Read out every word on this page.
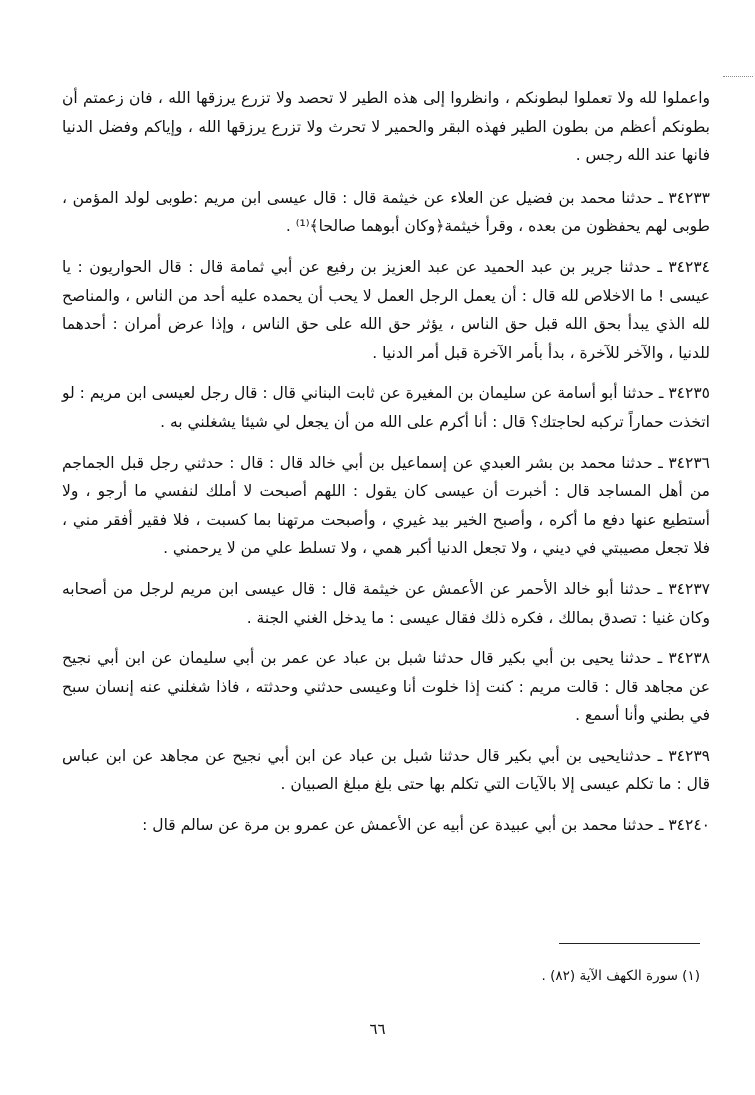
واعملوا لله ولا تعملوا لبطونكم ، وانظروا إلى هذه الطير لا تحصد ولا تزرع يرزقها الله ، فان زعمتم أن بطونكم أعظم من بطون الطير فهذه البقر والحمير لا تحرث ولا تزرع يرزقها الله ، وإياكم وفضل الدنيا فانها عند الله رجس .

٣٤٢٣٣ ـ حدثنا محمد بن فضيل عن العلاء عن خيثمة قال : قال عيسى ابن مريم :طوبى لولد المؤمن ، طوبى لهم يحفظون من بعده ، وقرأ خيثمة﴿وكان أبوهما صالحا﴾⁽¹⁾ .

٣٤٢٣٤ ـ حدثنا جرير بن عبد الحميد عن عبد العزيز بن رفيع عن أبي ثمامة قال : قال الحواريون : يا عيسى ! ما الاخلاص لله قال : أن يعمل الرجل العمل لا يحب أن يحمده عليه أحد من الناس ، والمناصح لله الذي يبدأ بحق الله قبل حق الناس ، يؤثر حق الله على حق الناس ، وإذا عرض أمران : أحدهما للدنيا ، والآخر للآخرة ، بدأ بأمر الآخرة قبل أمر الدنيا .

٣٤٢٣٥ ـ حدثنا أبو أسامة عن سليمان بن المغيرة عن ثابت البناني قال : قال رجل لعيسى ابن مريم : لو اتخذت حماراً تركبه لحاجتك؟ قال : أنا أكرم على الله من أن يجعل لي شيئا يشغلني به .

٣٤٢٣٦ ـ حدثنا محمد بن بشر العبدي عن إسماعيل بن أبي خالد قال : قال : حدثني رجل قبل الجماجم من أهل المساجد قال : أخبرت أن عيسى كان يقول : اللهم أصبحت لا أملك لنفسي ما أرجو ، ولا أستطيع عنها دفع ما أكره ، وأصبح الخير بيد غيري ، وأصبحت مرتهنا بما كسبت ، فلا فقير أفقر مني ، فلا تجعل مصيبتي في ديني ، ولا تجعل الدنيا أكبر همي ، ولا تسلط علي من لا يرحمني .

٣٤٢٣٧ ـ حدثنا أبو خالد الأحمر عن الأعمش عن خيثمة قال : قال عيسى ابن مريم لرجل من أصحابه وكان غنيا : تصدق بمالك ، فكره ذلك فقال عيسى : ما يدخل الغني الجنة .

٣٤٢٣٨ ـ حدثنا يحيى بن أبي بكير قال حدثنا شبل بن عباد عن عمر بن أبي سليمان عن ابن أبي نجيح عن مجاهد قال : قالت مريم : كنت إذا خلوت أنا وعيسى حدثني وحدثته ، فاذا شغلني عنه إنسان سبح في بطني وأنا أسمع .

٣٤٢٣٩ ـ حدثنايحيى بن أبي بكير قال حدثنا شبل بن عباد عن ابن أبي نجيح عن مجاهد عن ابن عباس قال : ما تكلم عيسى إلا بالآيات التي تكلم بها حتى بلغ مبلغ الصبيان .

٣٤٢٤٠ ـ حدثنا محمد بن أبي عبيدة عن أبيه عن الأعمش عن عمرو بن مرة عن سالم قال :

(١) سورة الكهف الآية (٨٢) .
٦٦
